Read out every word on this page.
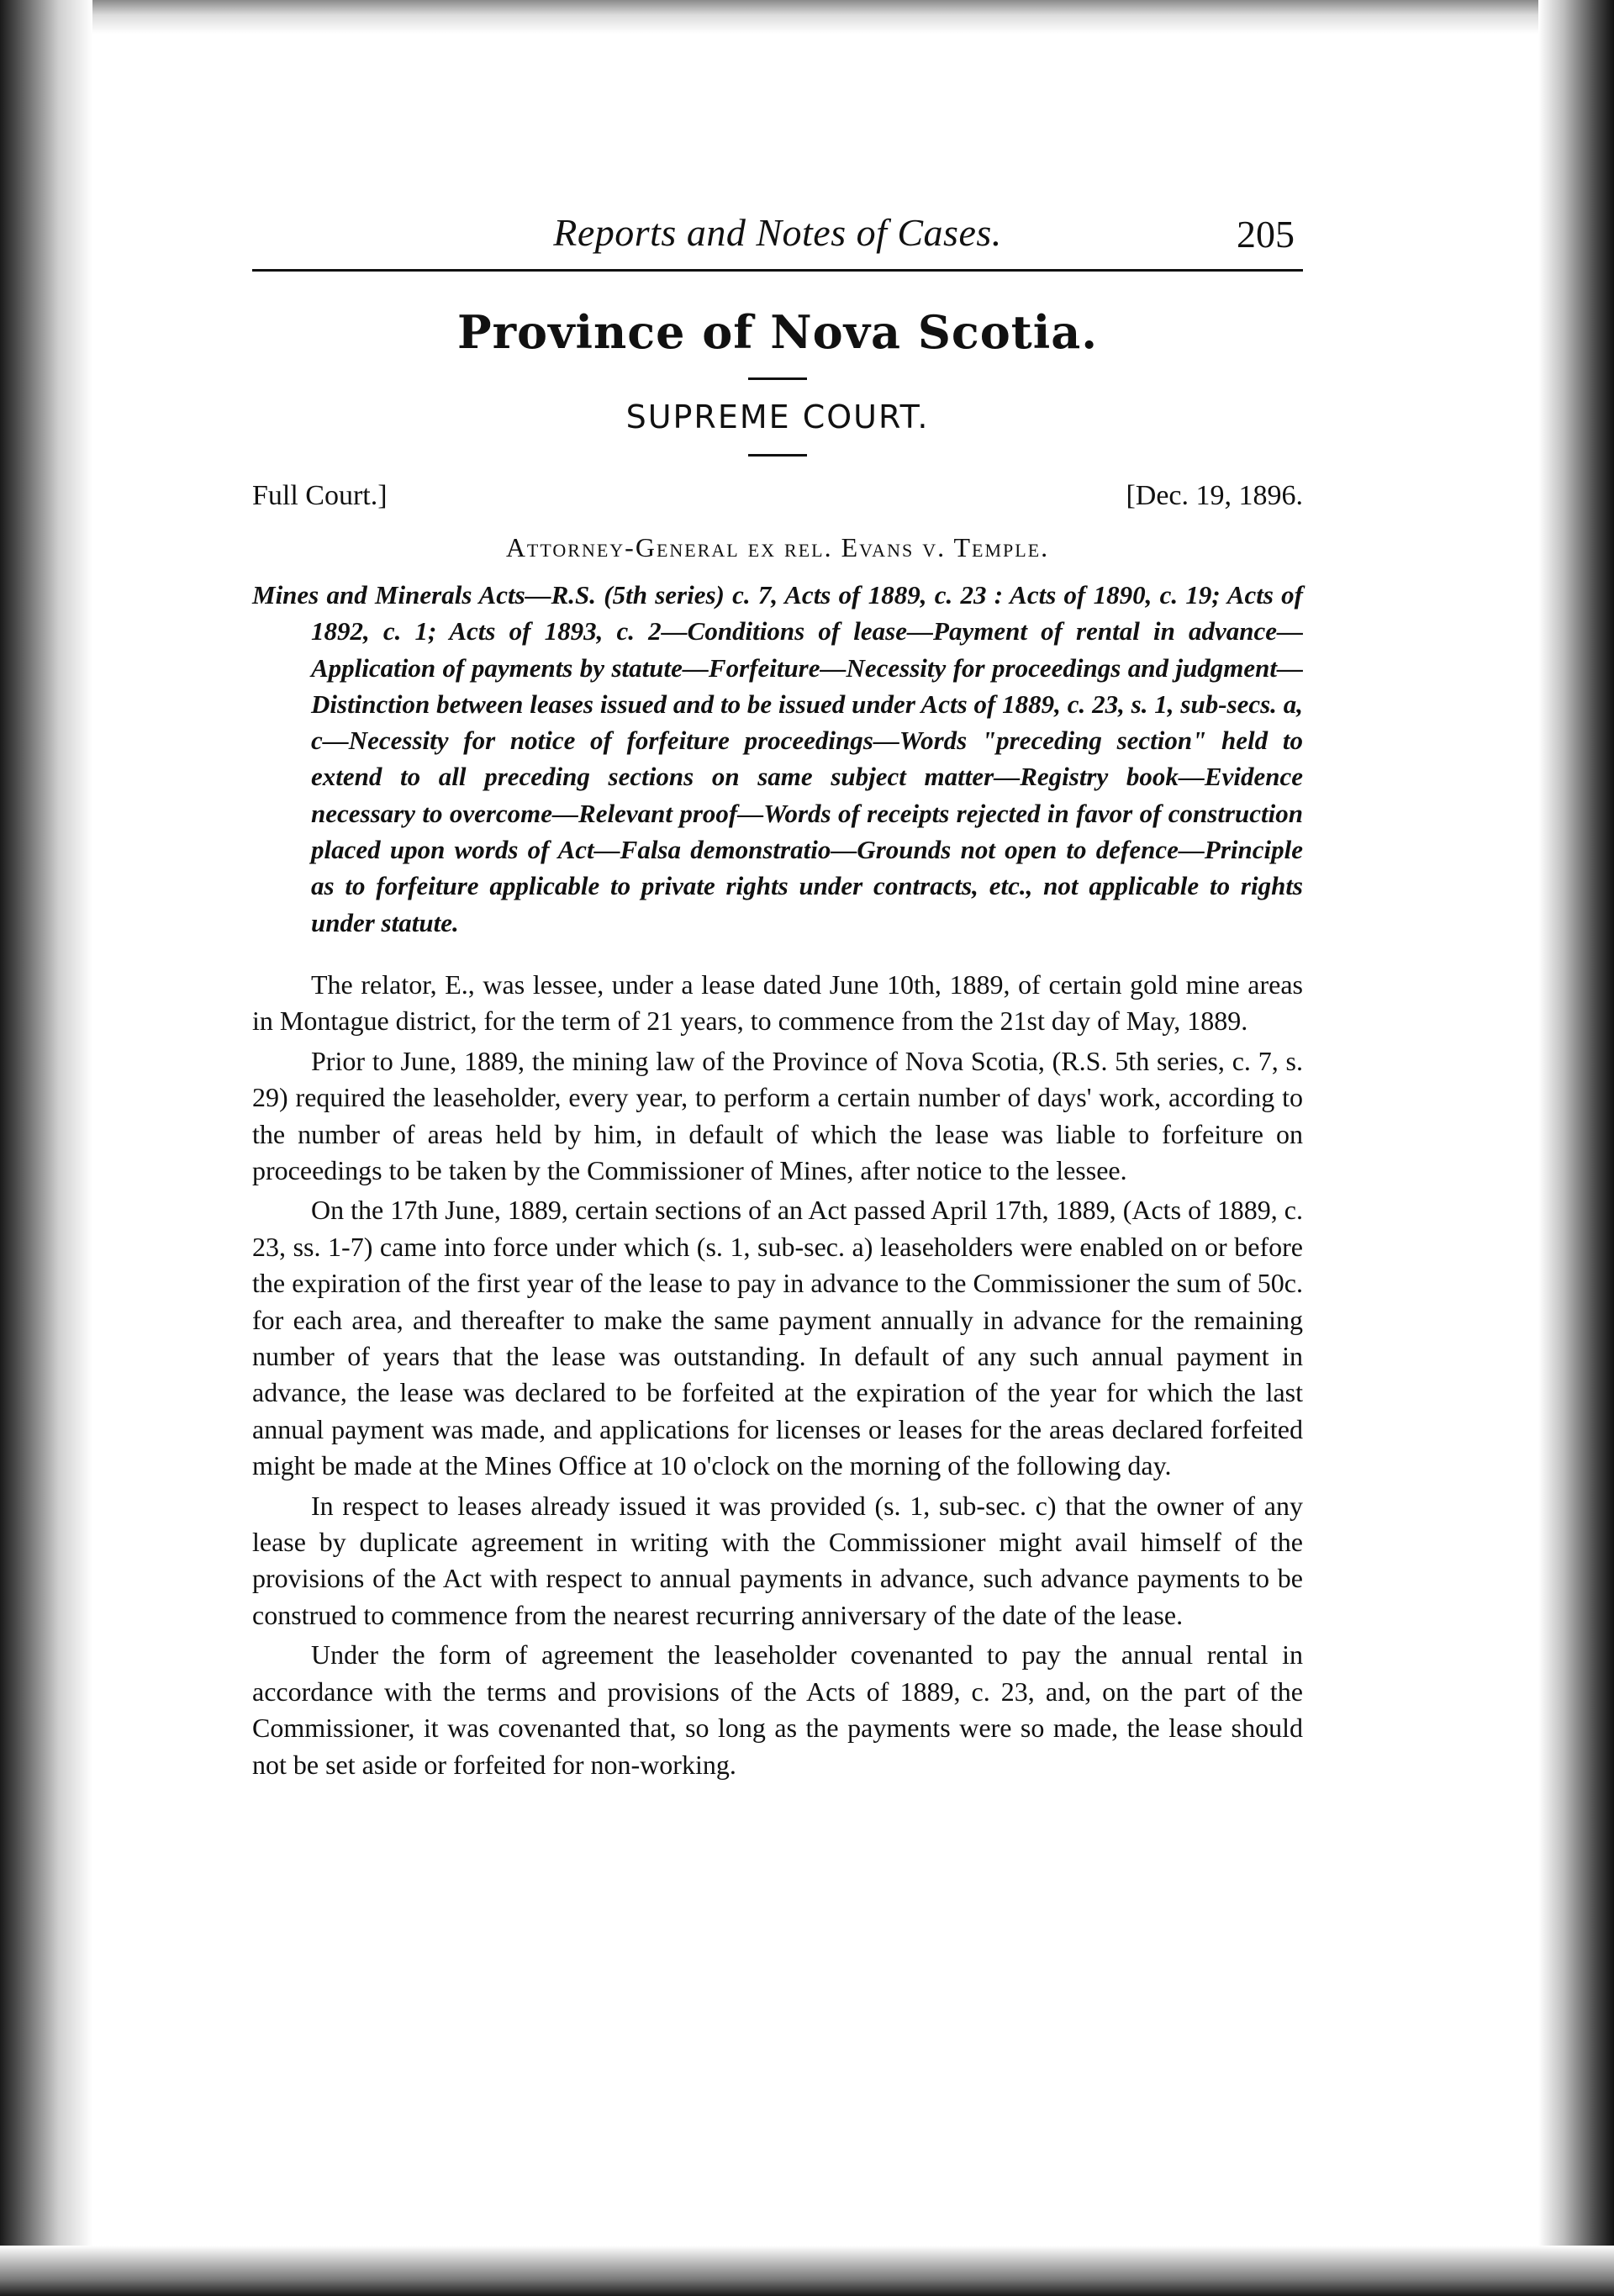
Reports and Notes of Cases.	205
Province of Nova Scotia.
SUPREME COURT.
Full Court.]	[Dec. 19, 1896.
Attorney-General ex rel. Evans v. Temple.

Mines and Minerals Acts—R.S. (5th series) c. 7, Acts of 1889, c. 23 : Acts of 1890, c. 19; Acts of 1892, c. 1; Acts of 1893, c. 2—Conditions of lease—Payment of rental in advance—Application of payments by statute—Forfeiture—Necessity for proceedings and judgment—Distinction between leases issued and to be issued under Acts of 1889, c. 23, s. 1, sub-secs. a, c—Necessity for notice of forfeiture proceedings—Words "preceding section" held to extend to all preceding sections on same subject matter—Registry book—Evidence necessary to overcome—Relevant proof—Words of receipts rejected in favor of construction placed upon words of Act—Falsa demonstratio—Grounds not open to defence—Principle as to forfeiture applicable to private rights under contracts, etc., not applicable to rights under statute.

The relator, E., was lessee, under a lease dated June 10th, 1889, of certain gold mine areas in Montague district, for the term of 21 years, to commence from the 21st day of May, 1889.

Prior to June, 1889, the mining law of the Province of Nova Scotia, (R.S. 5th series, c. 7, s. 29) required the leaseholder, every year, to perform a certain number of days' work, according to the number of areas held by him, in default of which the lease was liable to forfeiture on proceedings to be taken by the Commissioner of Mines, after notice to the lessee.

On the 17th June, 1889, certain sections of an Act passed April 17th, 1889, (Acts of 1889, c. 23, ss. 1-7) came into force under which (s. 1, sub-sec. a) leaseholders were enabled on or before the expiration of the first year of the lease to pay in advance to the Commissioner the sum of 50c. for each area, and thereafter to make the same payment annually in advance for the remaining number of years that the lease was outstanding. In default of any such annual payment in advance, the lease was declared to be forfeited at the expiration of the year for which the last annual payment was made, and applications for licenses or leases for the areas declared forfeited might be made at the Mines Office at 10 o'clock on the morning of the following day.

In respect to leases already issued it was provided (s. 1, sub-sec. c) that the owner of any lease by duplicate agreement in writing with the Commissioner might avail himself of the provisions of the Act with respect to annual payments in advance, such advance payments to be construed to commence from the nearest recurring anniversary of the date of the lease.

Under the form of agreement the leaseholder covenanted to pay the annual rental in accordance with the terms and provisions of the Acts of 1889, c. 23, and, on the part of the Commissioner, it was covenanted that, so long as the payments were so made, the lease should not be set aside or forfeited for non-working.
